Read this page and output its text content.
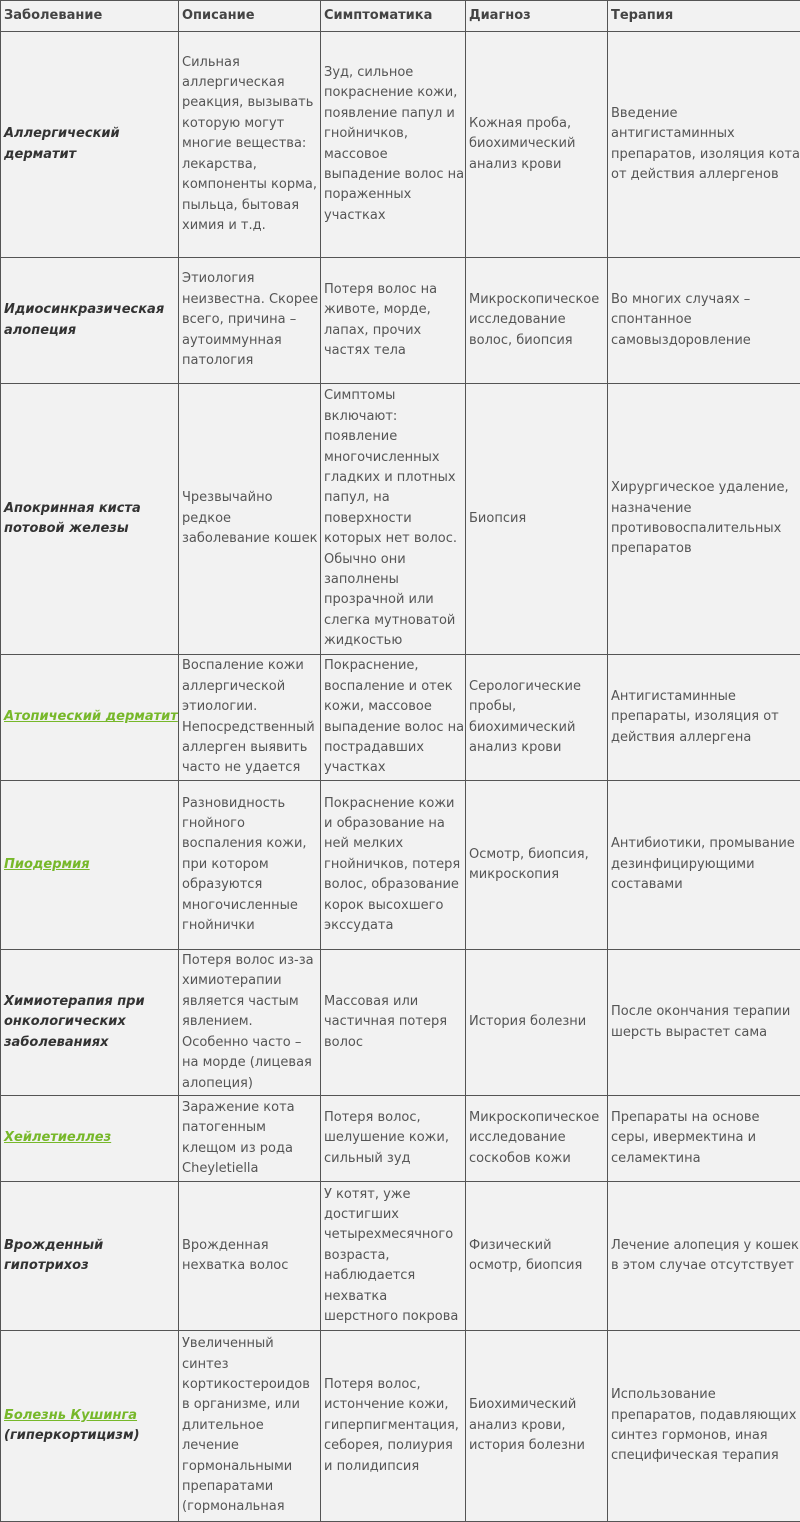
Заболевание	Описание	Симптоматика	Диагноз	Терапия
Аллергический дерматит	Сильная аллергическая реакция, вызывать которую могут многие вещества: лекарства, компоненты корма, пыльца, бытовая химия и т.д.	Зуд, сильное покраснение кожи, появление папул и гнойничков, массовое выпадение волос на пораженных участках	Кожная проба, биохимический анализ крови	Введение антигистаминных препаратов, изоляция кота от действия аллергенов
Идиосинкразическая алопеция	Этиология неизвестна. Скорее всего, причина – аутоиммунная патология	Потеря волос на животе, морде, лапах, прочих частях тела	Микроскопическое исследование волос, биопсия	Во многих случаях – спонтанное самовыздоровление
Апокринная киста потовой железы	Чрезвычайно редкое заболевание кошек	Симптомы включают: появление многочисленных гладких и плотных папул, на поверхности которых нет волос. Обычно они заполнены прозрачной или слегка мутноватой жидкостью	Биопсия	Хирургическое удаление, назначение противовоспалительных препаратов
Атопический дерматит	Воспаление кожи аллергической этиологии. Непосредственный аллерген выявить часто не удается	Покраснение, воспаление и отек кожи, массовое выпадение волос на пострадавших участках	Серологические пробы, биохимический анализ крови	Антигистаминные препараты, изоляция от действия аллергена
Пиодермия	Разновидность гнойного воспаления кожи, при котором образуются многочисленные гнойнички	Покраснение кожи и образование на ней мелких гнойничков, потеря волос, образование корок высохшего экссудата	Осмотр, биопсия, микроскопия	Антибиотики, промывание дезинфицирующими составами
Химиотерапия при онкологических заболеваниях	Потеря волос из-за химиотерапии является частым явлением. Особенно часто – на морде (лицевая алопеция)	Массовая или частичная потеря волос	История болезни	После окончания терапии шерсть вырастет сама
Хейлетиеллез	Заражение кота патогенным клещом из рода Cheyletiella	Потеря волос, шелушение кожи, сильный зуд	Микроскопическое исследование соскобов кожи	Препараты на основе серы, ивермектина и селамектина
Врожденный гипотрихоз	Врожденная нехватка волос	У котят, уже достигших четырехмесячного возраста, наблюдается нехватка шерстного покрова	Физический осмотр, биопсия	Лечение алопеция у кошек в этом случае отсутствует
Болезнь Кушинга (гиперкортицизм)	Увеличенный синтез кортикостероидов в организме, или длительное лечение гормональными препаратами (гормональная	Потеря волос, истончение кожи, гиперпигментация, себорея, полиурия и полидипсия	Биохимический анализ крови, история болезни	Использование препаратов, подавляющих синтез гормонов, иная специфическая терапия
